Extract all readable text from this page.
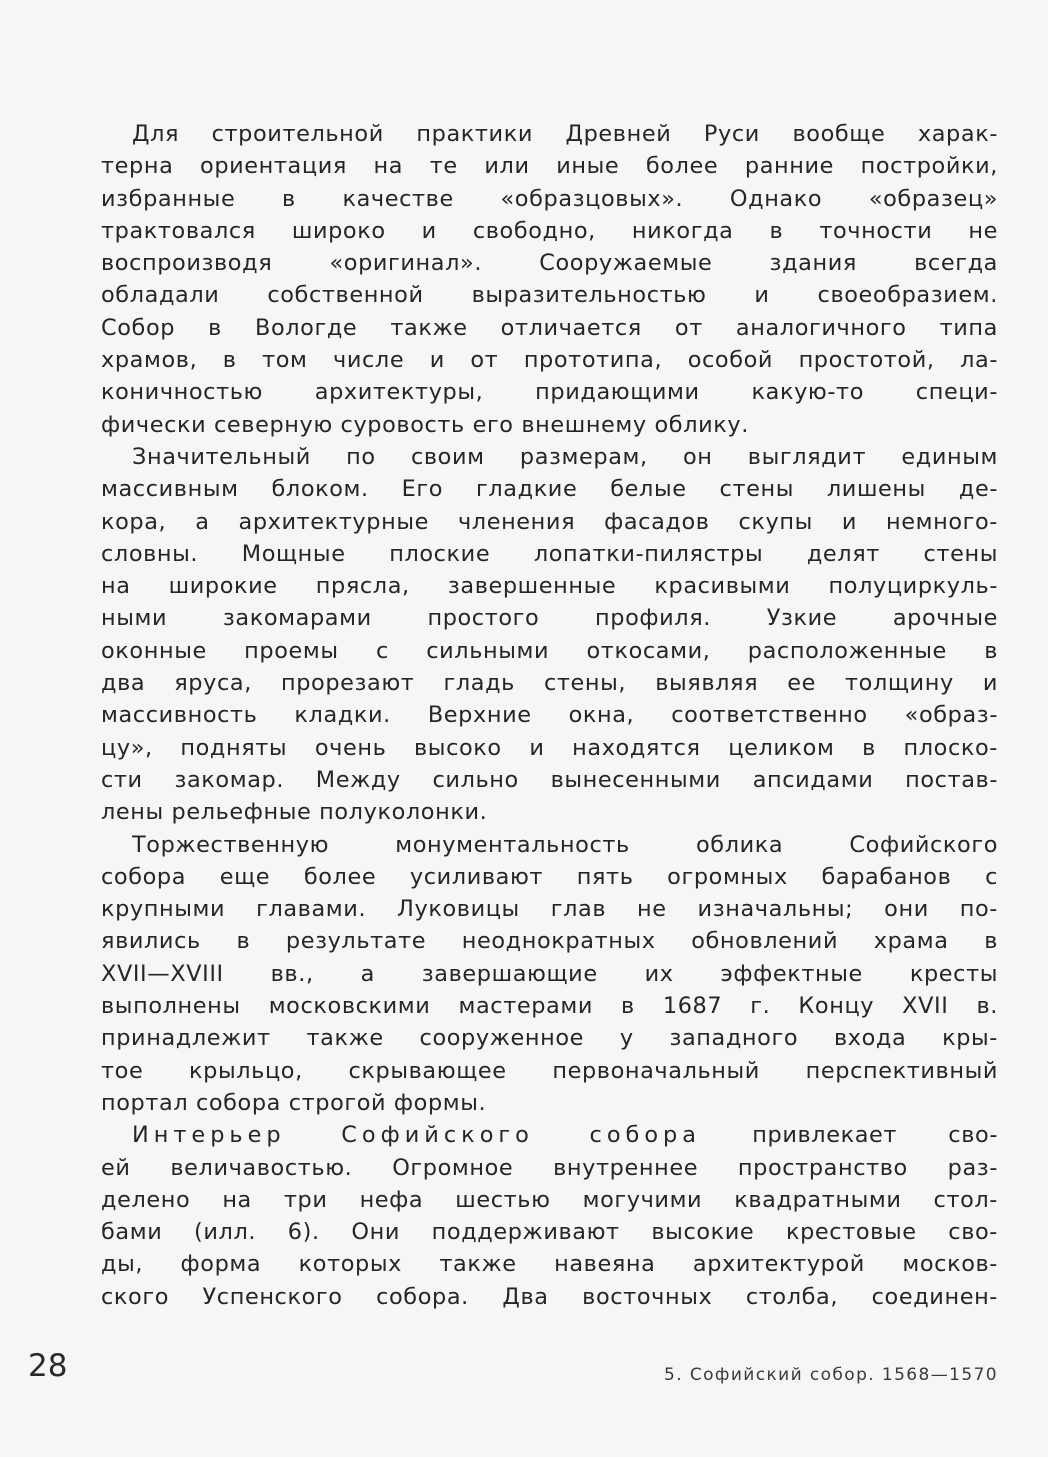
Для строительной практики Древней Руси вообще харак-
терна ориентация на те или иные более ранние постройки,
избранные в качестве «образцовых». Однако «образец»
трактовался широко и свободно, никогда в точности не
воспроизводя «оригинал». Сооружаемые здания всегда
обладали собственной выразительностью и своеобразием.
Собор в Вологде также отличается от аналогичного типа
храмов, в том числе и от прототипа, особой простотой, ла-
коничностью архитектуры, придающими какую-то специ-
фически северную суровость его внешнему облику.
Значительный по своим размерам, он выглядит единым
массивным блоком. Его гладкие белые стены лишены де-
кора, а архитектурные членения фасадов скупы и немного-
словны. Мощные плоские лопатки-пилястры делят стены
на широкие прясла, завершенные красивыми полуциркуль-
ными закомарами простого профиля. Узкие арочные
оконные проемы с сильными откосами, расположенные в
два яруса, прорезают гладь стены, выявляя ее толщину и
массивность кладки. Верхние окна, соответственно «образ-
цу», подняты очень высоко и находятся целиком в плоско-
сти закомар. Между сильно вынесенными апсидами постав-
лены рельефные полуколонки.
Торжественную монументальность облика Софийского
собора еще более усиливают пять огромных барабанов с
крупными главами. Луковицы глав не изначальны; они по-
явились в результате неоднократных обновлений храма в
XVII—XVIII вв., а завершающие их эффектные кресты
выполнены московскими мастерами в 1687 г. Концу XVII в.
принадлежит также сооруженное у западного входа кры-
тое крыльцо, скрывающее первоначальный перспективный
портал собора строгой формы.
Интерьер Софийского собора привлекает сво-
ей величавостью. Огромное внутреннее пространство раз-
делено на три нефа шестью могучими квадратными стол-
бами (илл. 6). Они поддерживают высокие крестовые сво-
ды, форма которых также навеяна архитектурой москов-
ского Успенского собора. Два восточных столба, соединен-
28	5. Софийский собор. 1568—1570
